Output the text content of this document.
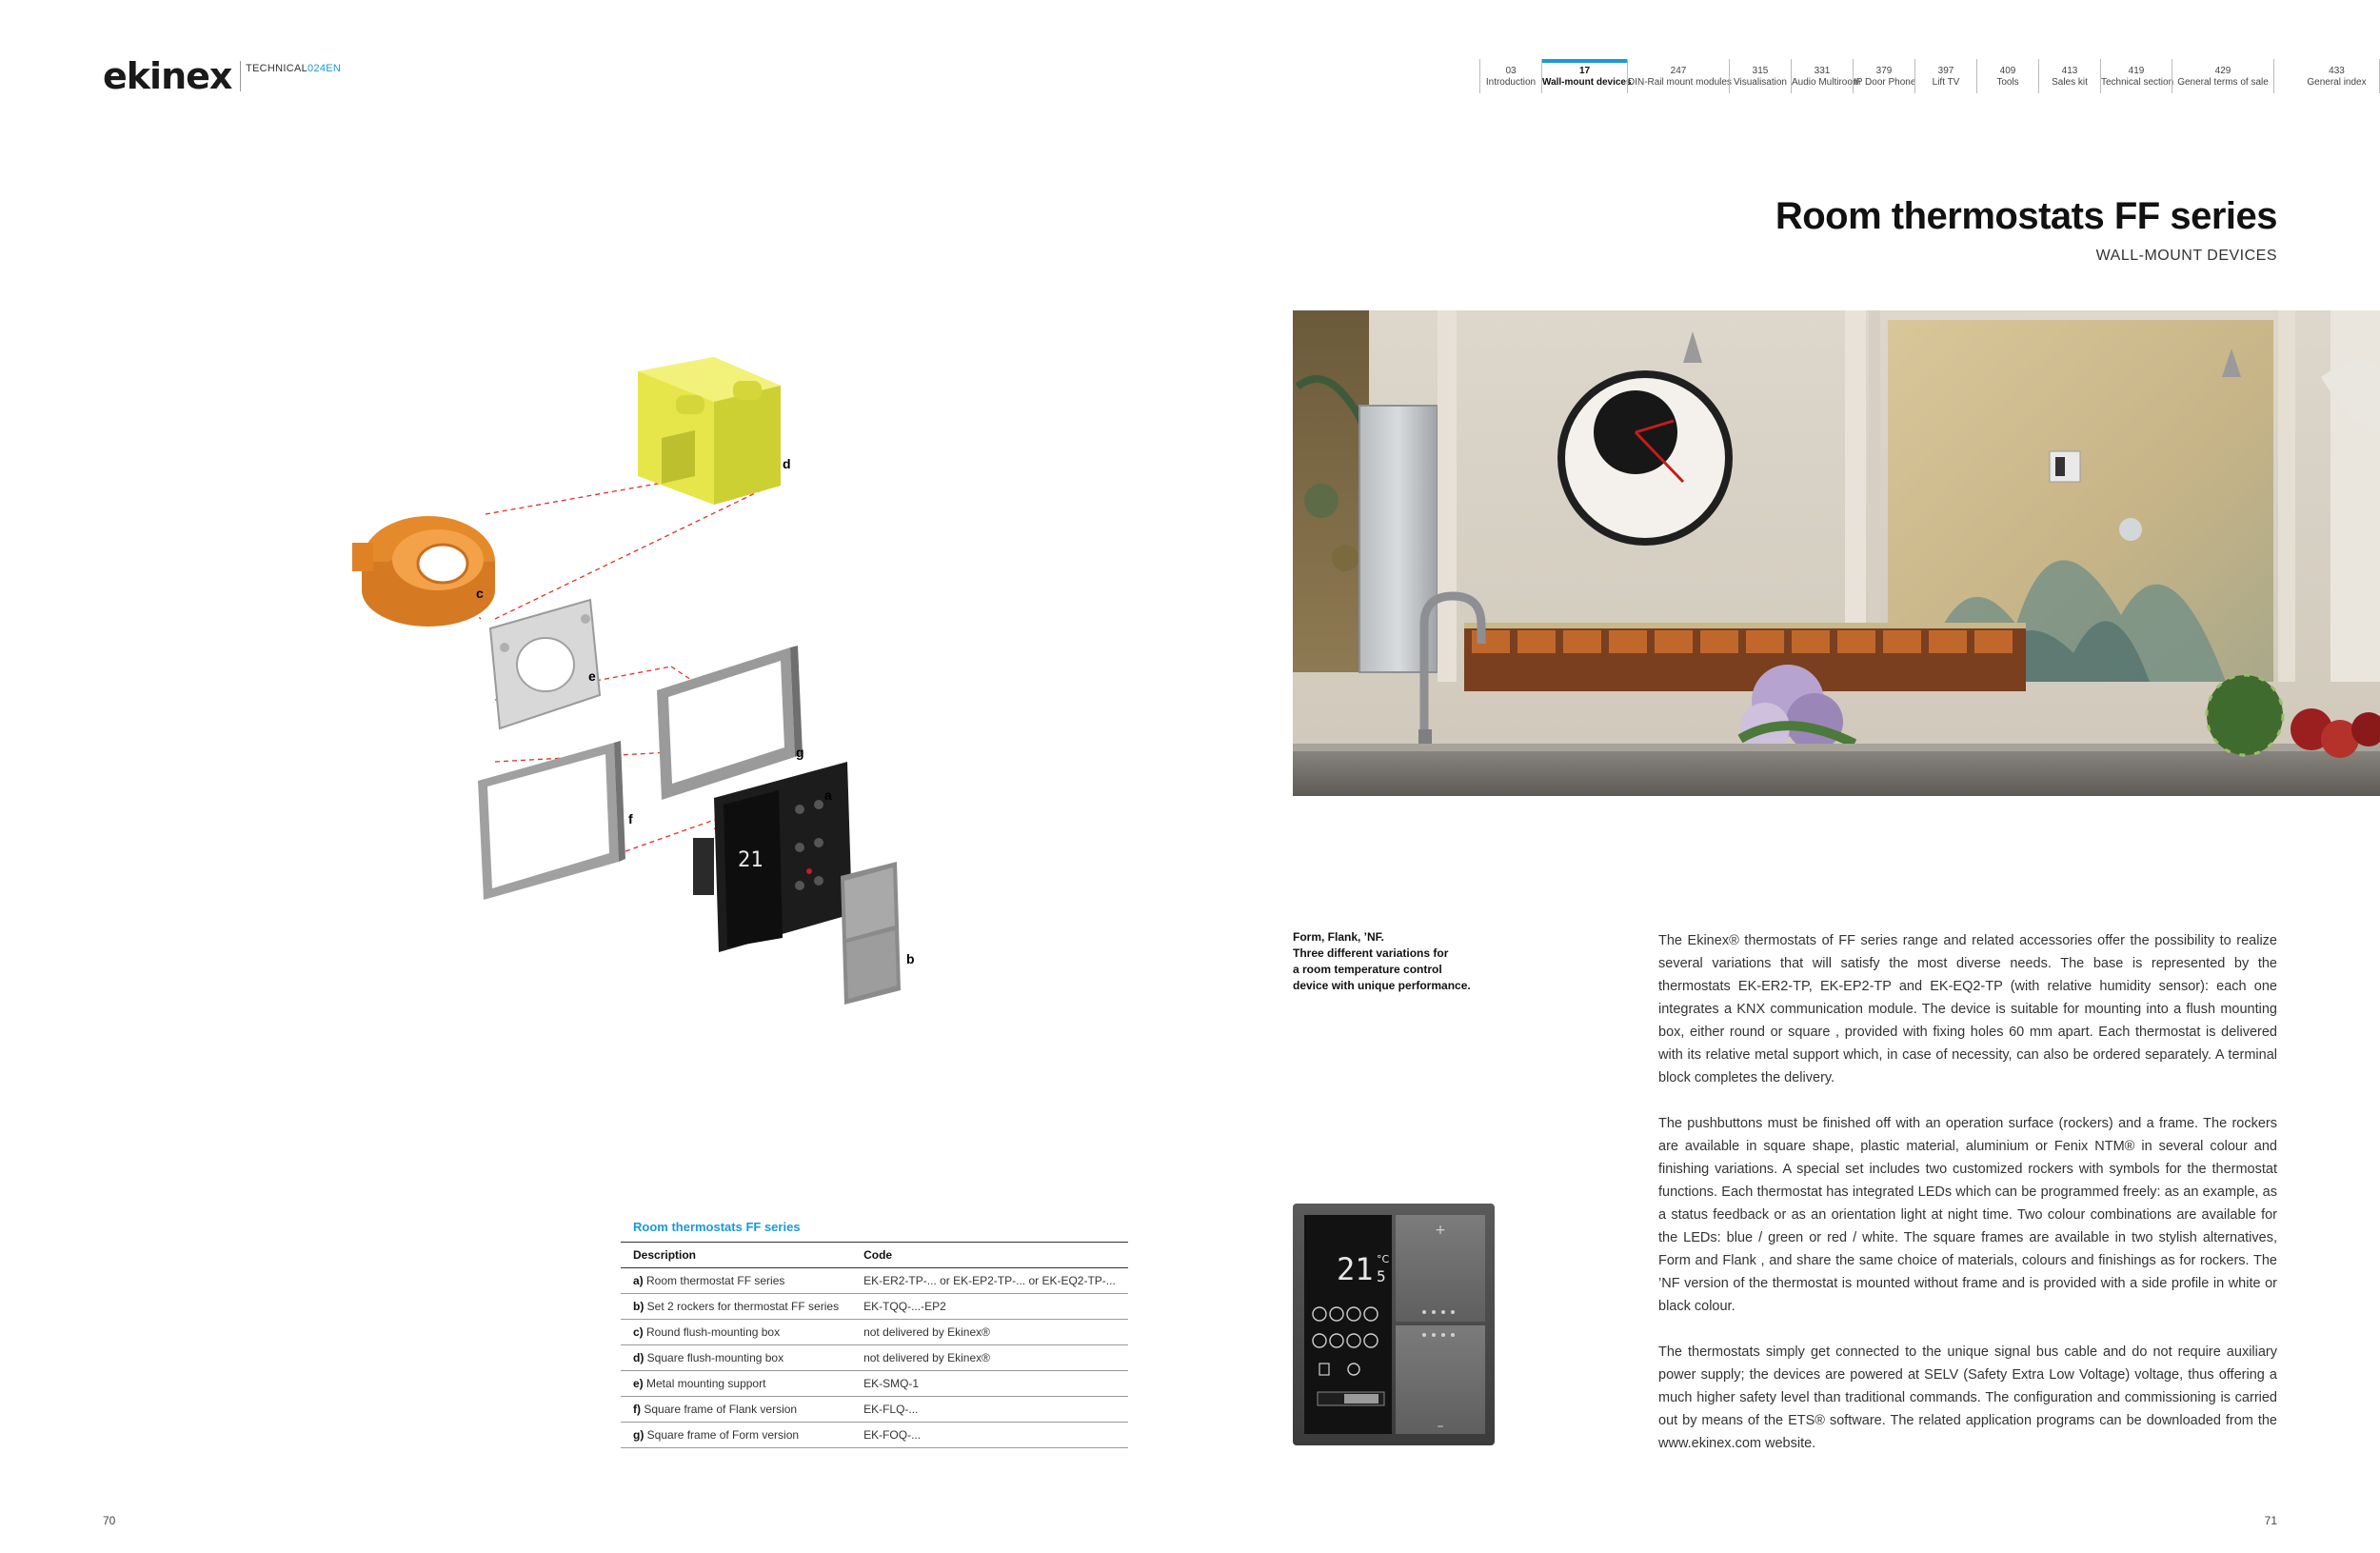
ekinex TECHNICAL024EN	03
Introduction
17
Wall-mount devices
247
DIN-Rail mount modules
315
Visualisation
331
Audio Multiroom
379
IP Door Phone
397
Lift TV
409
Tools
413
Sales kit
419
Technical section
429
General terms of sale
433
General index
Room thermostats FF series
WALL-MOUNT DEVICES
Form, Flank, ’NF.
Three different variations for
a room temperature control
device with unique performance.

The Ekinex® thermostats of FF series range and related accessories offer the possibility to realize several variations that will satisfy the most diverse needs. The base is represented by the thermostats EK-ER2-TP, EK-EP2-TP and EK-EQ2-TP (with relative humidity sensor): each one integrates a KNX communication module. The device is suitable for mounting into a flush mounting box, either round or square , provided with fixing holes 60 mm apart. Each thermostat is delivered with its relative metal support which, in case of necessity, can also be ordered separately. A terminal block completes the delivery.

The pushbuttons must be finished off with an operation surface (rockers) and a frame. The rockers are available in square shape, plastic material, aluminium or Fenix NTM® in several colour and finishing variations. A special set includes two customized rockers with symbols for the thermostat functions. Each thermostat has integrated LEDs which can be programmed freely: as an example, as a status feedback or as an orientation light at night time. Two colour combinations are available for the LEDs: blue / green or red / white. The square frames are available in two stylish alternatives, Form and Flank , and share the same choice of materials, colours and finishings as for rockers. The ’NF version of the thermostat is mounted without frame and is provided with a side profile in white or black colour.

The thermostats simply get connected to the unique signal bus cable and do not require auxiliary power supply; the devices are powered at SELV (Safety Extra Low Voltage) voltage, thus offering a much higher safety level than traditional commands. The configuration and commissioning is carried out by means of the ETS® software. The related application programs can be downloaded from the www.ekinex.com website.

21
d
c
e
g
a
f
b
+
–
21 °C
5
Room thermostats FF series
Description	Code
a) Room thermostat FF series	EK-ER2-TP-... or EK-EP2-TP-... or EK-EQ2-TP-...
b) Set 2 rockers for thermostat FF series	EK-TQQ-...-EP2
c) Round flush-mounting box	not delivered by Ekinex®
d) Square flush-mounting box	not delivered by Ekinex®
e) Metal mounting support	EK-SMQ-1
f) Square frame of Flank version	EK-FLQ-...
g) Square frame of Form version	EK-FOQ-...
70	71
